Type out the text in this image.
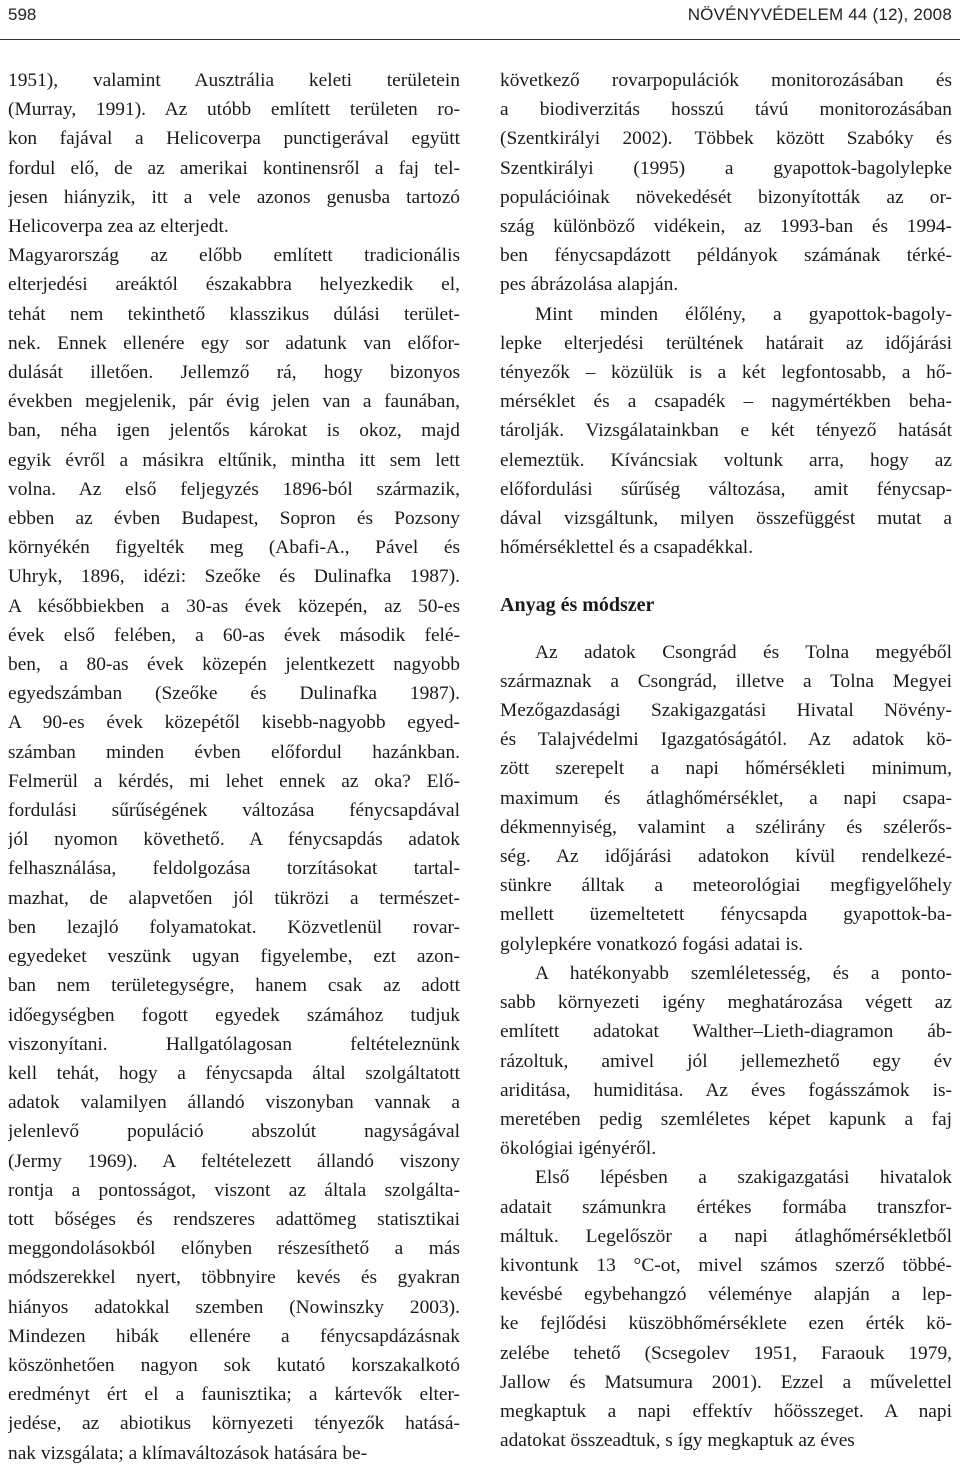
598	NÖVÉNYVÉDELEM 44 (12), 2008
1951), valamint Ausztrália keleti területein
(Murray, 1991). Az utóbb említett területen ro-
kon fajával a Helicoverpa punctigerával együtt
fordul elő, de az amerikai kontinensről a faj tel-
jesen hiányzik, itt a vele azonos genusba tartozó
Helicoverpa zea az elterjedt.
Magyarország az előbb említett tradicionális
elterjedési areáktól északabbra helyezkedik el,
tehát nem tekinthető klasszikus dúlási terület-
nek. Ennek ellenére egy sor adatunk van előfor-
dulását illetően. Jellemző rá, hogy bizonyos
években megjelenik, pár évig jelen van a faunában,
ban, néha igen jelentős károkat is okoz, majd
egyik évről a másikra eltűnik, mintha itt sem lett
volna. Az első feljegyzés 1896-ból származik,
ebben az évben Budapest, Sopron és Pozsony
környékén figyelték meg (Abafi-A., Pável és
Uhryk, 1896, idézi: Szeőke és Dulinafka 1987).
A későbbiekben a 30-as évek közepén, az 50-es
évek első felében, a 60-as évek második felé-
ben, a 80-as évek közepén jelentkezett nagyobb
egyedszámban (Szeőke és Dulinafka 1987).
A 90-es évek közepétől kisebb-nagyobb egyed-
számban minden évben előfordul hazánkban.
Felmerül a kérdés, mi lehet ennek az oka? Elő-
fordulási sűrűségének változása fénycsapdával
jól nyomon követhető. A fénycsapdás adatok
felhasználása, feldolgozása torzításokat tartal-
mazhat, de alapvetően jól tükrözi a természet-
ben lezajló folyamatokat. Közvetlenül rovar-
egyedeket veszünk ugyan figyelembe, ezt azon-
ban nem területegységre, hanem csak az adott
időegységben fogott egyedek számához tudjuk
viszonyítani. Hallgatólagosan feltételeznünk
kell tehát, hogy a fénycsapda által szolgáltatott
adatok valamilyen állandó viszonyban vannak a
jelenlevő populáció abszolút nagyságával
(Jermy 1969). A feltételezett állandó viszony
rontja a pontosságot, viszont az általa szolgálta-
tott bőséges és rendszeres adattömeg statisztikai
meggondolásokból előnyben részesíthető a más
módszerekkel nyert, többnyire kevés és gyakran
hiányos adatokkal szemben (Nowinszky 2003).
Mindezen hibák ellenére a fénycsapdázásnak
köszönhetően nagyon sok kutató korszakalkotó
eredményt ért el a faunisztika; a kártevők elter-
jedése, az abiotikus környezeti tényezők hatásá-
nak vizsgálata; a klímaváltozások hatására be-
következő rovarpopulációk monitorozásában és
a biodiverzitás hosszú távú monitorozásában
(Szentkirályi 2002). Többek között Szabóky és
Szentkirályi (1995) a gyapottok-bagolylepke
populációinak növekedését bizonyították az or-
szág különböző vidékein, az 1993-ban és 1994-
ben fénycsapdázott példányok számának térké-
pes ábrázolása alapján.
Mint minden élőlény, a gyapottok-bagoly-
lepke elterjedési terültének határait az időjárási
tényezők – közülük is a két legfontosabb, a hő-
mérséklet és a csapadék – nagymértékben beha-
tárolják. Vizsgálatainkban e két tényező hatását
elemeztük. Kíváncsiak voltunk arra, hogy az
előfordulási sűrűség változása, amit fénycsap-
dával vizsgáltunk, milyen összefüggést mutat a
hőmérséklettel és a csapadékkal.
Anyag és módszer
Az adatok Csongrád és Tolna megyéből
származnak a Csongrád, illetve a Tolna Megyei
Mezőgazdasági Szakigazgatási Hivatal Növény-
és Talajvédelmi Igazgatóságától. Az adatok kö-
zött szerepelt a napi hőmérsékleti minimum,
maximum és átlaghőmérséklet, a napi csapa-
dékmennyiség, valamint a szélirány és szélerős-
ség. Az időjárási adatokon kívül rendelkezé-
sünkre álltak a meteorológiai megfigyelőhely
mellett üzemeltetett fénycsapda gyapottok-ba-
golylepkére vonatkozó fogási adatai is.
A hatékonyabb szemléletesség, és a ponto-
sabb környezeti igény meghatározása végett az
említett adatokat Walther–Lieth-diagramon áb-
rázoltuk, amivel jól jellemezhető egy év
ariditása, humiditása. Az éves fogásszámok is-
meretében pedig szemléletes képet kapunk a faj
ökológiai igényéről.
Első lépésben a szakigazgatási hivatalok
adatait számunkra értékes formába transzfor-
máltuk. Legelőször a napi átlaghőmérsékletből
kivontunk 13 °C-ot, mivel számos szerző többé-
kevésbé egybehangzó véleménye alapján a lep-
ke fejlődési küszöbhőmérséklete ezen érték kö-
zelébe tehető (Scsegolev 1951, Faraouk 1979,
Jallow és Matsumura 2001). Ezzel a művelettel
megkaptuk a napi effektív hőösszeget. A napi
adatokat összeadtuk, s így megkaptuk az éves
